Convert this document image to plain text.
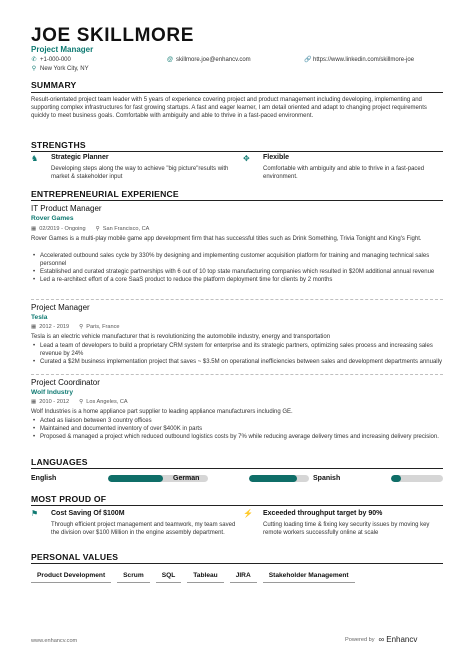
JOE SKILLMORE
Project Manager
✆ +1-000-000	@ skillmore.joe@enhancv.com	🔗 https://www.linkedin.com/skillmore-joe
⚲ New York City, NY
SUMMARY
Result-orientated project team leader with 5 years of experience covering project and product management including developing, implementing and supporting complex infrastructures for fast growing startups. A fast and eager learner, I am detail oriented and adapt to changing project requirements quickly to meet business goals. Comfortable with ambiguity and able to thrive in a fast-paced environment.
STRENGTHS
♞ Strategic Planner
Developing steps along the way to achieve "big picture"results with market & stakeholder input
✥ Flexible
Comfortable with ambiguity and able to thrive in a fast-paced environment.
ENTREPRENEURIAL EXPERIENCE
IT Product Manager
Rover Games
▦ 02/2019 - Ongoing ⚲ San Francisco, CA
Rover Games is a multi-play mobile game app development firm that has successful titles such as Drink Something, Trivia Tonight and King's Fight.
• Accelerated outbound sales cycle by 330% by designing and implementing customer acquisition platform for training and managing technical sales personnel
• Established and curated strategic partnerships with 6 out of 10 top state manufacturing companies which resulted in $20M additional annual revenue
• Led a re-architect effort of a core SaaS product to reduce the platform deployment time for clients by 2 months
Project Manager
Tesla
▦ 2012 - 2019 ⚲ Paris, France
Tesla is an electric vehicle manufacturer that is revolutionizing the automobile industry, energy and transportation
• Lead a team of developers to build a proprietary CRM system for enterprise and its strategic partners, optimizing sales process and increasing sales revenue by 24%
• Curated a $2M business implementation project that saves ~ $3.5M on operational inefficiencies between sales and development departments annually
Project Coordinator
Wolf Industry
▦ 2010 - 2012 ⚲ Los Angeles, CA
Wolf Industries is a home appliance part supplier to leading appliance manufacturers including GE.
• Acted as liaison between 3 country offices
• Maintained and documented inventory of over $400K in parts
• Proposed & managed a project which reduced outbound logistics costs by 7% while reducing average delivery times and increasing delivery precision.
LANGUAGES
English	German	Spanish
MOST PROUD OF
⚑ Cost Saving Of $100M
Through efficient project management and teamwork, my team saved the division over $100 Million in the engine assembly department.
⚡ Exceeded throughput target by 90%
Cutting loading time & fixing key security issues by moving key remote workers successfully online at scale
PERSONAL VALUES
Product Development	Scrum	SQL	Tableau	JIRA	Stakeholder Management
www.enhancv.com	Powered by ∞ Enhancv
